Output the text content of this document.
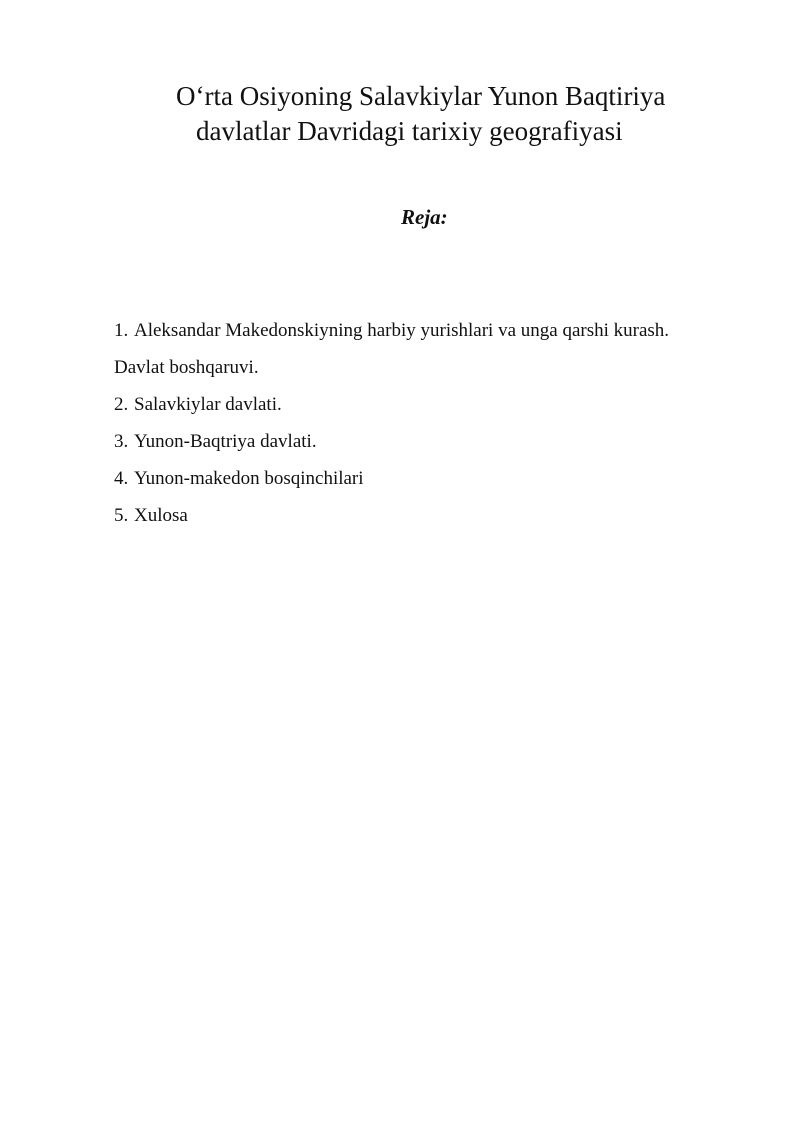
O‘rta Osiyoning Salavkiylar Yunon Baqtiriya
davlatlar Davridagi tarixiy geografiyasi
Reja:
1. Aleksandar Makedonskiyning harbiy yurishlari va unga qarshi kurash.
Davlat boshqaruvi.
2. Salavkiylar davlati.
3. Yunon-Baqtriya davlati.
4. Yunon-makedon bosqinchilari
5. Xulosa
